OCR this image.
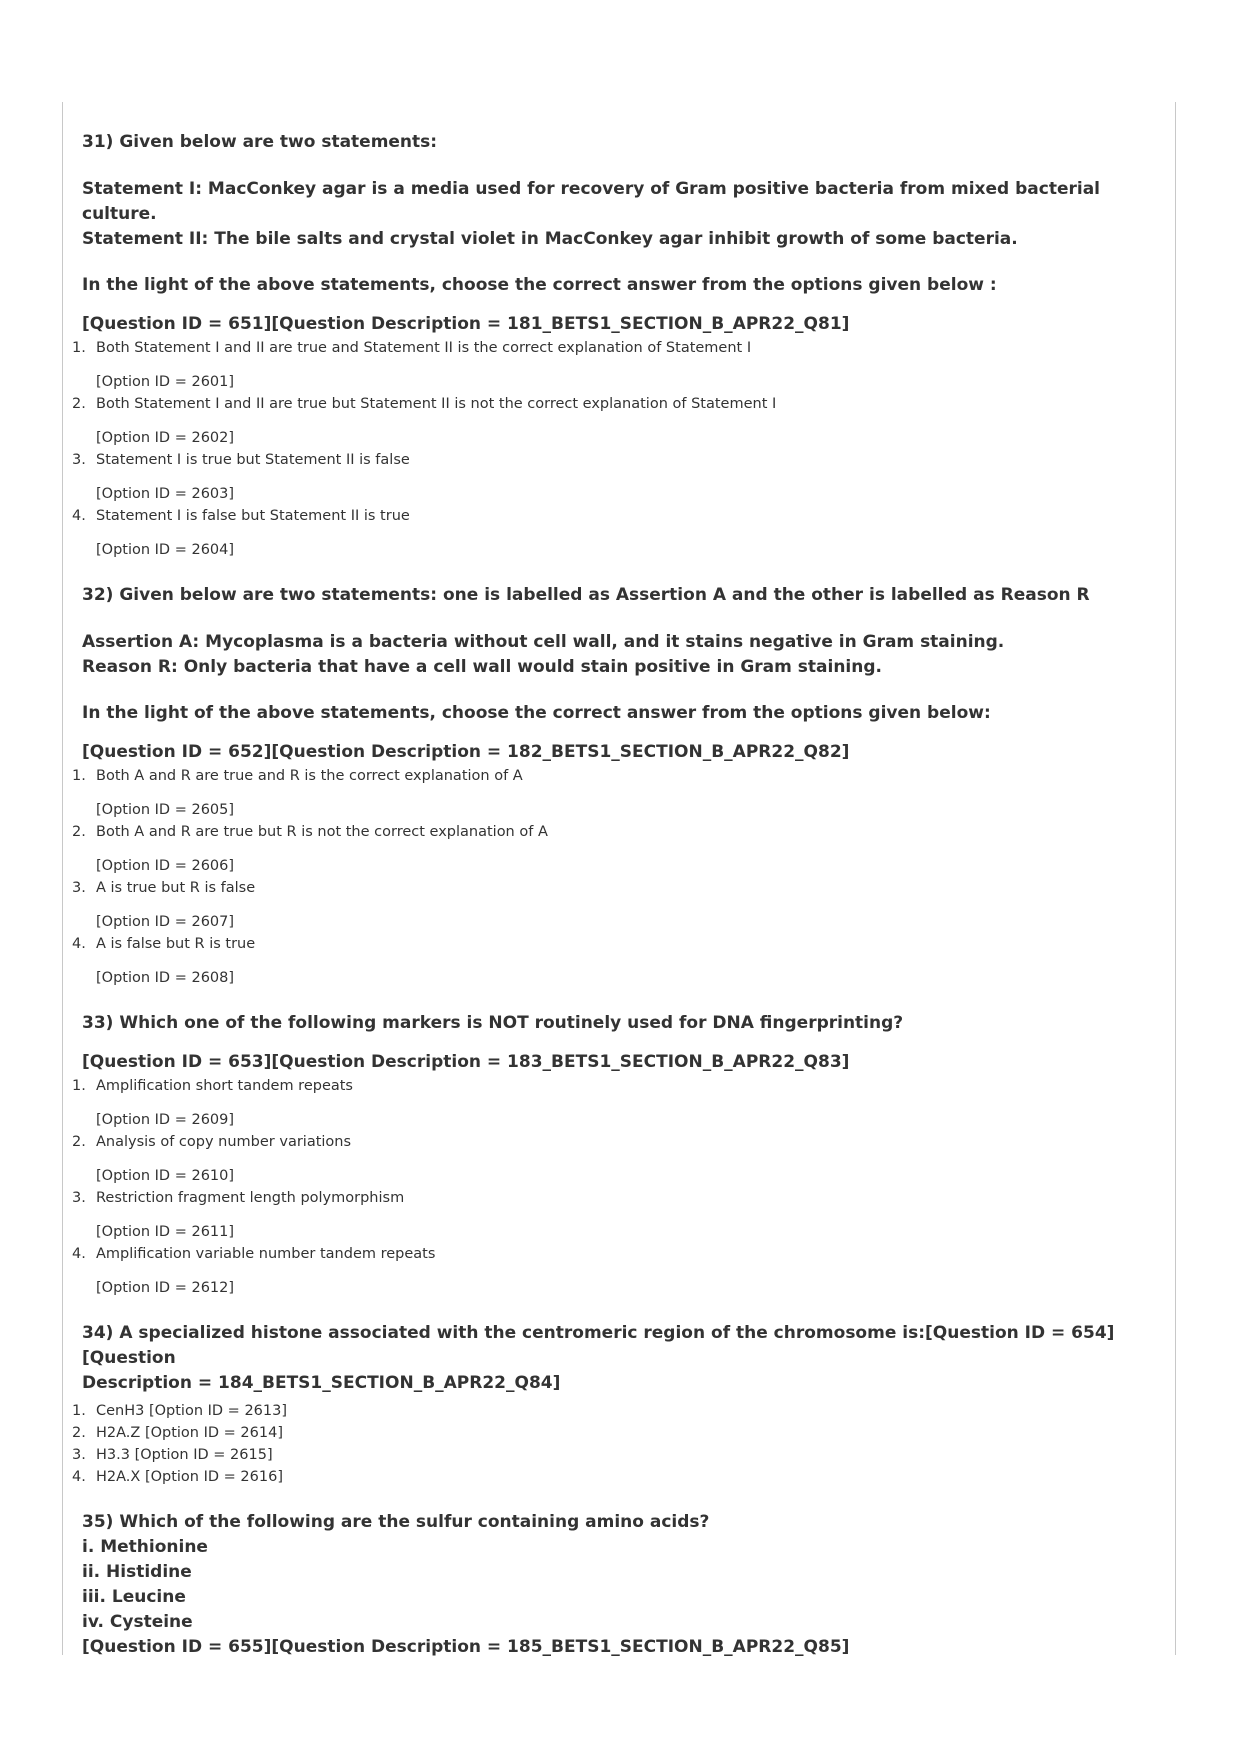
31) Given below are two statements:
Statement I: MacConkey agar is a media used for recovery of Gram positive bacteria from mixed bacterial culture.
Statement II: The bile salts and crystal violet in MacConkey agar inhibit growth of some bacteria.
In the light of the above statements, choose the correct answer from the options given below :
[Question ID = 651][Question Description = 181_BETS1_SECTION_B_APR22_Q81]
1. Both Statement I and II are true and Statement II is the correct explanation of Statement I
[Option ID = 2601]
2. Both Statement I and II are true but Statement II is not the correct explanation of Statement I
[Option ID = 2602]
3. Statement I is true but Statement II is false
[Option ID = 2603]
4. Statement I is false but Statement II is true
[Option ID = 2604]
32) Given below are two statements: one is labelled as Assertion A and the other is labelled as Reason R
Assertion A: Mycoplasma is a bacteria without cell wall, and it stains negative in Gram staining.
Reason R: Only bacteria that have a cell wall would stain positive in Gram staining.
In the light of the above statements, choose the correct answer from the options given below:
[Question ID = 652][Question Description = 182_BETS1_SECTION_B_APR22_Q82]
1. Both A and R are true and R is the correct explanation of A
[Option ID = 2605]
2. Both A and R are true but R is not the correct explanation of A
[Option ID = 2606]
3. A is true but R is false
[Option ID = 2607]
4. A is false but R is true
[Option ID = 2608]
33) Which one of the following markers is NOT routinely used for DNA fingerprinting?
[Question ID = 653][Question Description = 183_BETS1_SECTION_B_APR22_Q83]
1. Amplification short tandem repeats
[Option ID = 2609]
2. Analysis of copy number variations
[Option ID = 2610]
3. Restriction fragment length polymorphism
[Option ID = 2611]
4. Amplification variable number tandem repeats
[Option ID = 2612]
34) A specialized histone associated with the centromeric region of the chromosome is:[Question ID = 654][Question
Description = 184_BETS1_SECTION_B_APR22_Q84]
1. CenH3 [Option ID = 2613]
2. H2A.Z [Option ID = 2614]
3. H3.3 [Option ID = 2615]
4. H2A.X [Option ID = 2616]
35) Which of the following are the sulfur containing amino acids?
i. Methionine
ii. Histidine
iii. Leucine
iv. Cysteine
[Question ID = 655][Question Description = 185_BETS1_SECTION_B_APR22_Q85]
